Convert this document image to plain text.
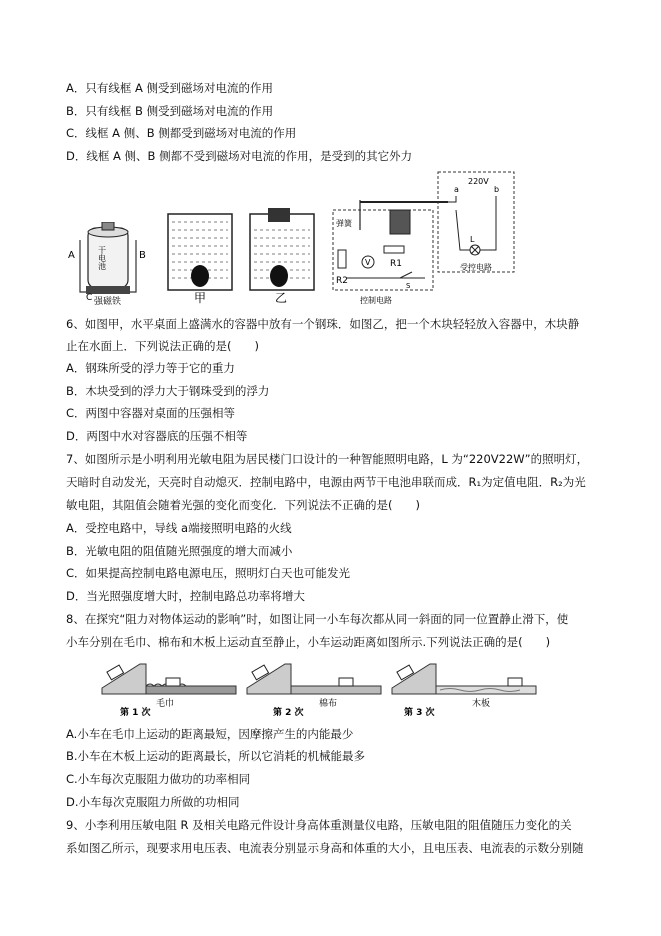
A．只有线框 A 侧受到磁场对电流的作用
B．只有线框 B 侧受到磁场对电流的作用
C．线框 A 侧、B 侧都受到磁场对电流的作用
D．线框 A 侧、B 侧都不受到磁场对电流的作用，是受到的其它外力
A	B
C
干电池
强磁铁	甲	乙
弹簧
R1
V
R2	S
控制电路
220V
a	b
L
受控电路
6、如图甲，水平桌面上盛满水的容器中放有一个钢珠．如图乙，把一个木块轻轻放入容器中，木块静
止在水面上．下列说法正确的是(　　)
A．钢珠所受的浮力等于它的重力
B．木块受到的浮力大于钢珠受到的浮力
C．两图中容器对桌面的压强相等
D．两图中水对容器底的压强不相等
7、如图所示是小明利用光敏电阻为居民楼门口设计的一种智能照明电路，L 为“220V22W”的照明灯，
天暗时自动发光，天亮时自动熄灭．控制电路中，电源由两节干电池串联而成．R₁为定值电阻．R₂为光
敏电阻，其阻值会随着光强的变化而变化．下列说法不正确的是(　　)
A．受控电路中，导线 a端接照明电路的火线
B．光敏电阻的阻值随光照强度的增大而减小
C．如果提高控制电路电源电压，照明灯白天也可能发光
D．当光照强度增大时，控制电路总功率将增大
8、在探究“阻力对物体运动的影响”时，如图让同一小车每次都从同一斜面的同一位置静止滑下，使
小车分别在毛巾、棉布和木板上运动直至静止，小车运动距离如图所示.下列说法正确的是(　　)
毛巾
第 1 次
棉布
第 2 次
木板
第 3 次
A.小车在毛巾上运动的距离最短，因摩擦产生的内能最少
B.小车在木板上运动的距离最长，所以它消耗的机械能最多
C.小车每次克服阻力做功的功率相同
D.小车每次克服阻力所做的功相同
9、小李利用压敏电阻 R 及相关电路元件设计身高体重测量仪电路，压敏电阻的阻值随压力变化的关
系如图乙所示，现要求用电压表、电流表分别显示身高和体重的大小，且电压表、电流表的示数分别随
